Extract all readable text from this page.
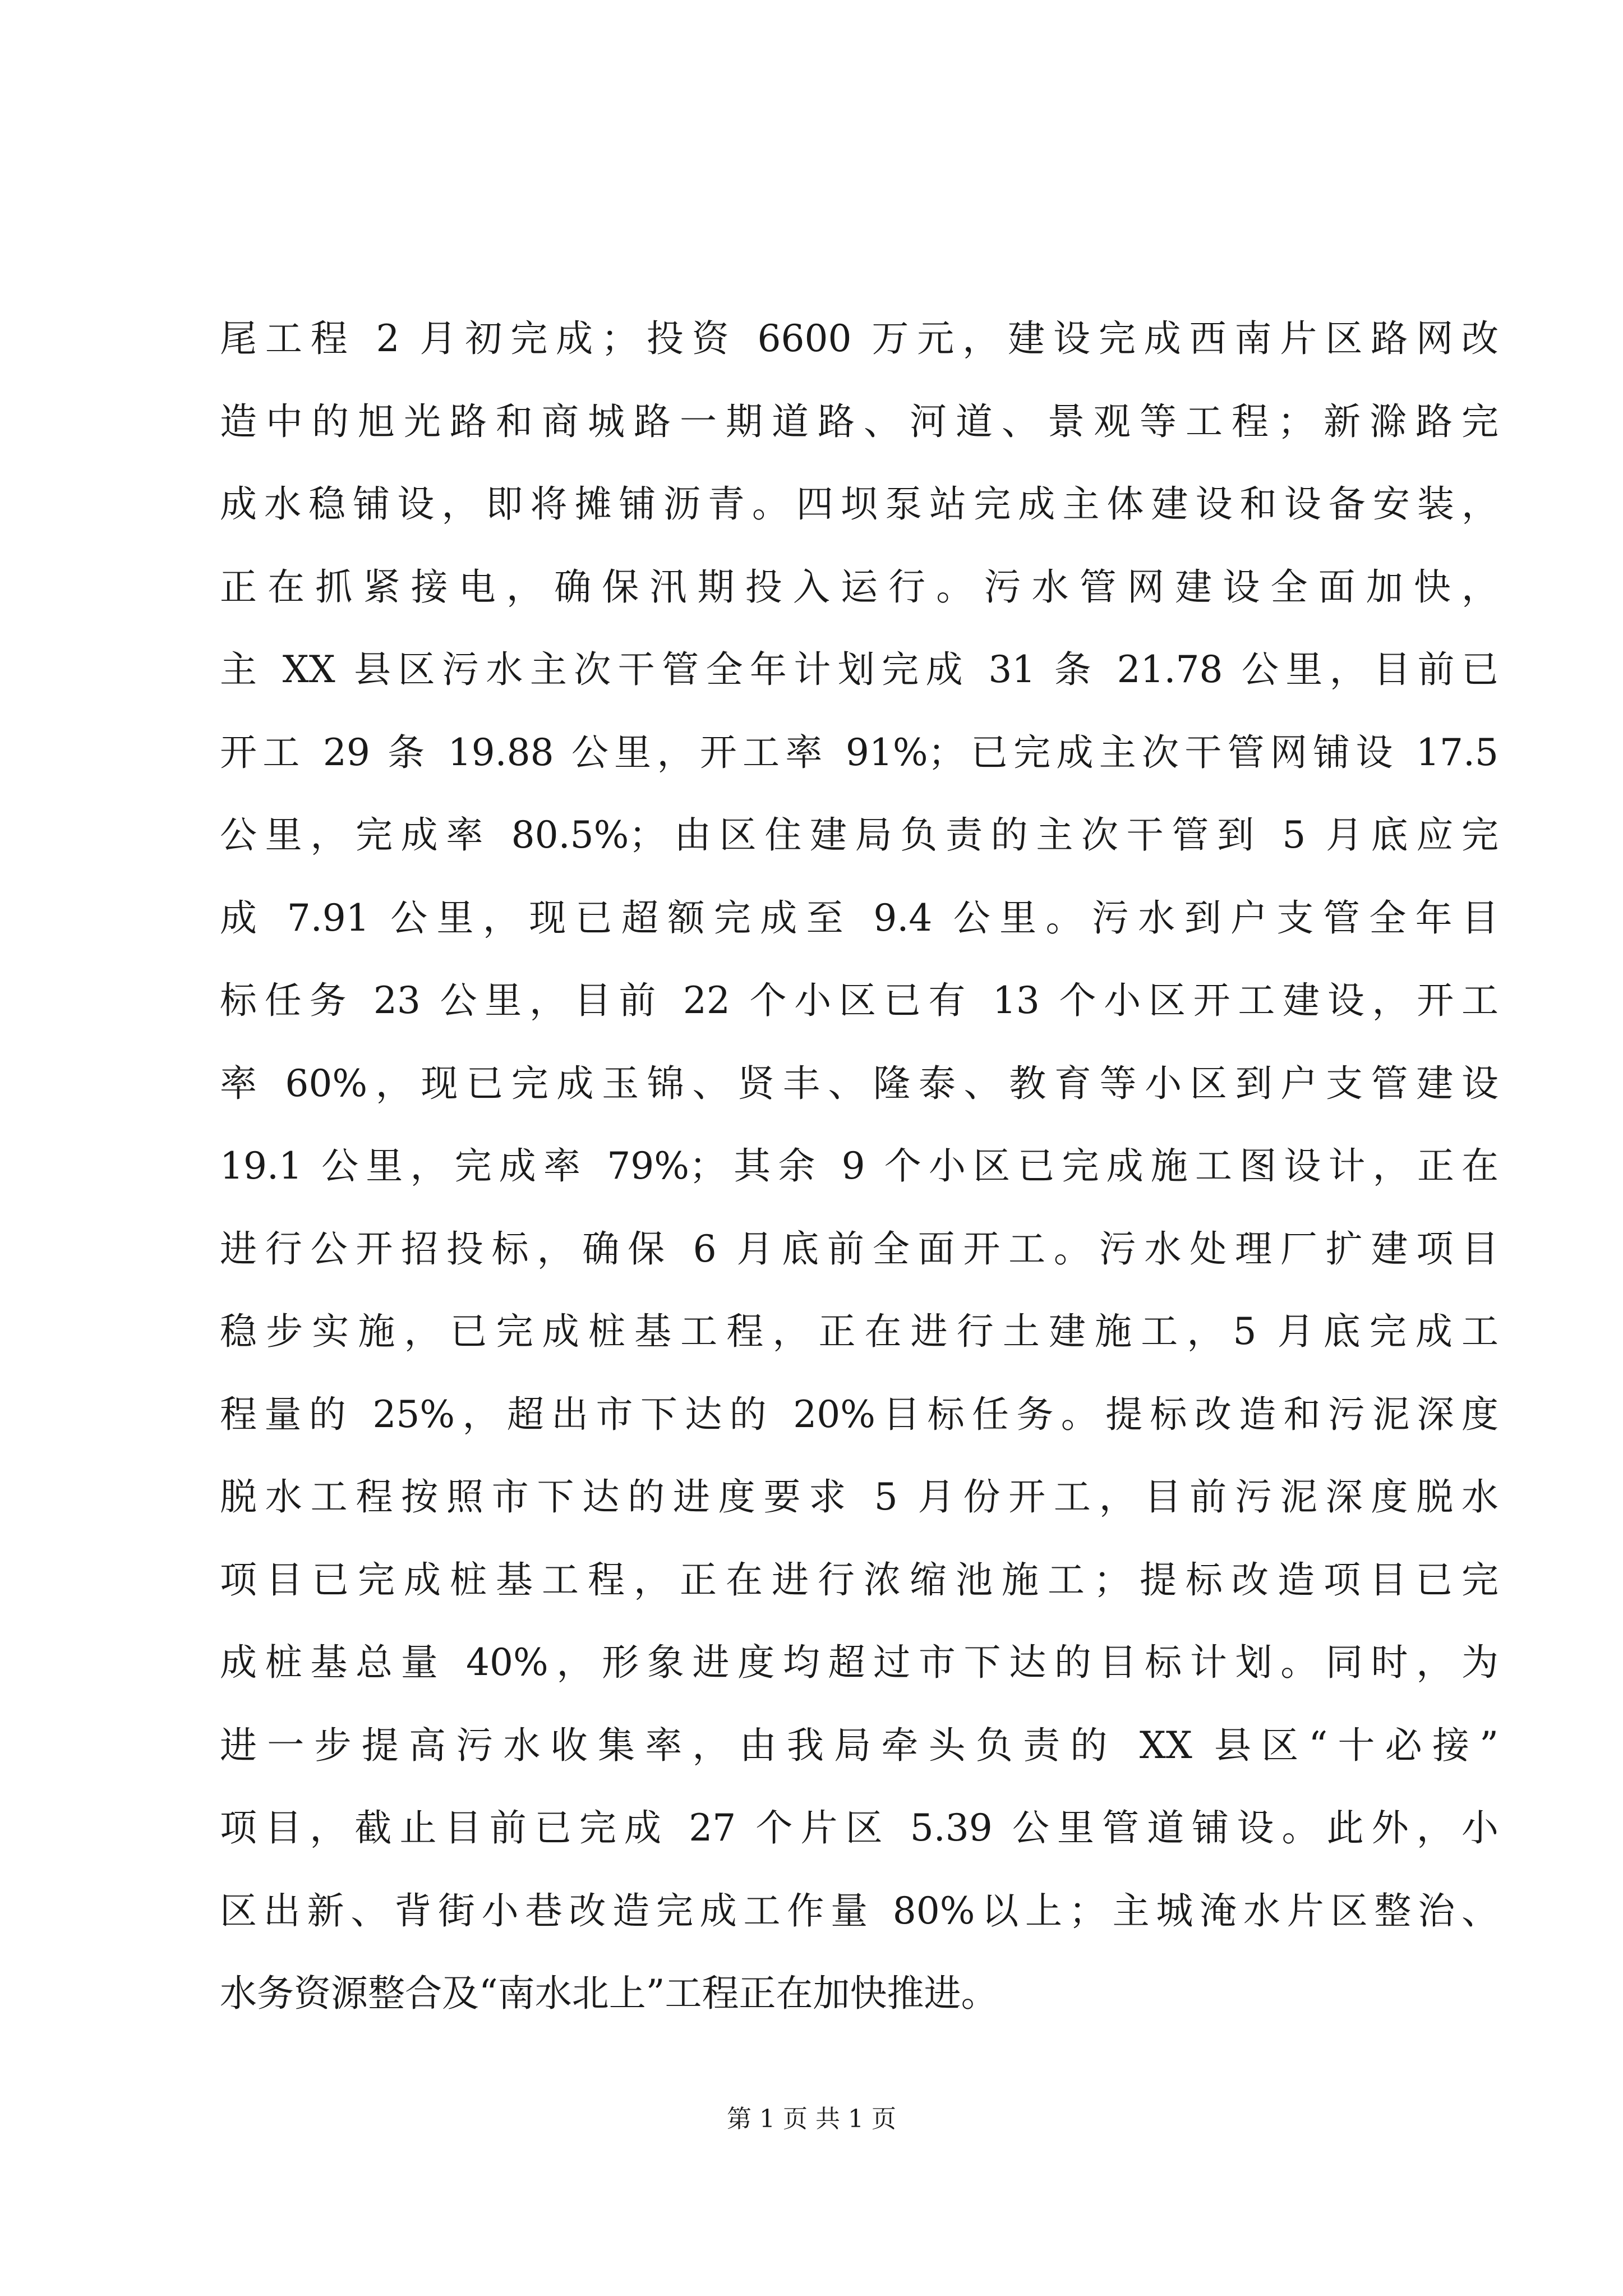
尾工程 2 月初完成；投资 6600 万元，建设完成西南片区路网改
造中的旭光路和商城路一期道路、河道、景观等工程；新滁路完
成水稳铺设，即将摊铺沥青。四坝泵站完成主体建设和设备安装，
正在抓紧接电，确保汛期投入运行。污水管网建设全面加快，
主 XX 县区污水主次干管全年计划完成 31 条 21.78 公里，目前已
开工 29 条 19.88 公里，开工率 91%；已完成主次干管网铺设 17.5
公里，完成率 80.5%；由区住建局负责的主次干管到 5 月底应完
成 7.91 公里，现已超额完成至 9.4 公里。污水到户支管全年目
标任务 23 公里，目前 22 个小区已有 13 个小区开工建设，开工
率 60%，现已完成玉锦、贤丰、隆泰、教育等小区到户支管建设
19.1 公里，完成率 79%；其余 9 个小区已完成施工图设计，正在
进行公开招投标，确保 6 月底前全面开工。污水处理厂扩建项目
稳步实施，已完成桩基工程，正在进行土建施工，5 月底完成工
程量的 25%，超出市下达的 20%目标任务。提标改造和污泥深度
脱水工程按照市下达的进度要求 5 月份开工，目前污泥深度脱水
项目已完成桩基工程，正在进行浓缩池施工；提标改造项目已完
成桩基总量 40%，形象进度均超过市下达的目标计划。同时，为
进一步提高污水收集率，由我局牵头负责的 XX 县区“十必接”
项目，截止目前已完成 27 个片区 5.39 公里管道铺设。此外，小
区出新、背街小巷改造完成工作量 80%以上；主城淹水片区整治、
水务资源整合及“南水北上”工程正在加快推进。
第 1 页 共 1 页
